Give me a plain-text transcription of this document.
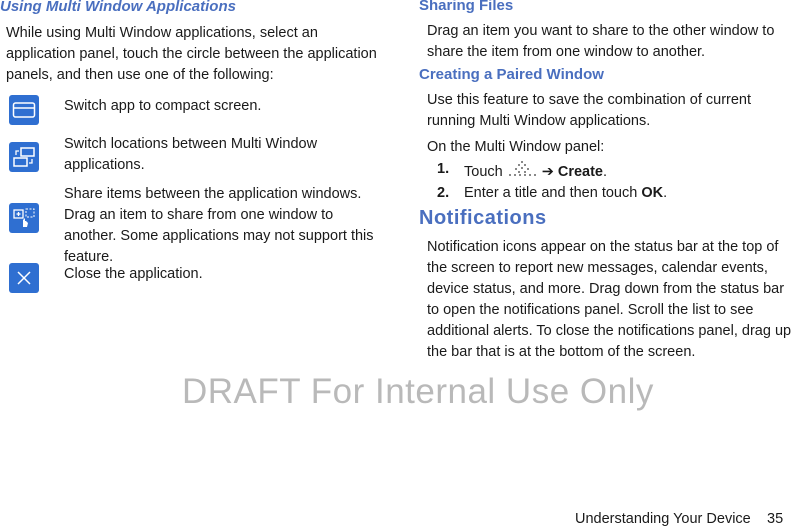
Using Multi Window Applications
While using Multi Window applications, select an application panel, touch the circle between the application panels, and then use one of the following:
Switch app to compact screen.
Switch locations between Multi Window applications.
Share items between the application windows. Drag an item to share from one window to another. Some applications may not support this feature.
Close the application.
Sharing Files
Drag an item you want to share to the other window to share the item from one window to another.
Creating a Paired Window
Use this feature to save the combination of current running Multi Window applications.
On the Multi Window panel:
1. Touch	➔ Create .
2. Enter a title and then touch OK.
Notifications
Notification icons appear on the status bar at the top of the screen to report new messages, calendar events, device status, and more. Drag down from the status bar to open the notifications panel. Scroll the list to see additional alerts. To close the notifications panel, drag up the bar that is at the bottom of the screen.
DRAFT For Internal Use Only
Understanding Your Device 35
